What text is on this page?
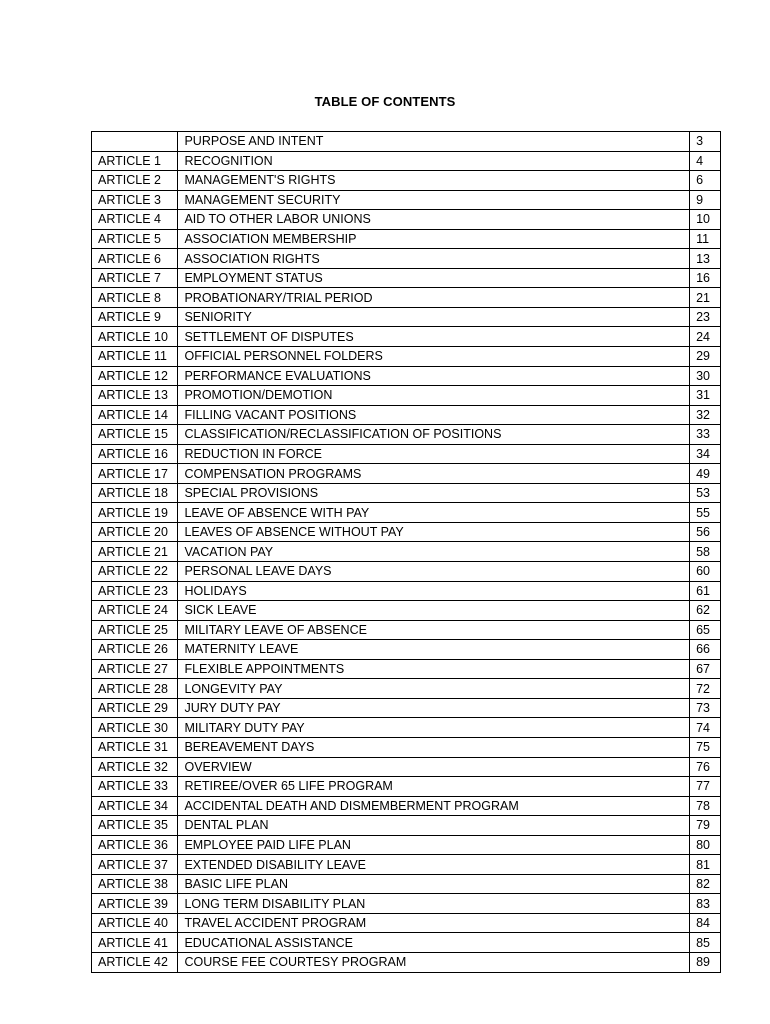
TABLE OF CONTENTS
	PURPOSE AND INTENT	3
ARTICLE 1	RECOGNITION	4
ARTICLE 2	MANAGEMENT'S RIGHTS	6
ARTICLE 3	MANAGEMENT SECURITY	9
ARTICLE 4	AID TO OTHER LABOR UNIONS	10
ARTICLE 5	ASSOCIATION MEMBERSHIP	11
ARTICLE 6	ASSOCIATION RIGHTS	13
ARTICLE 7	EMPLOYMENT STATUS	16
ARTICLE 8	PROBATIONARY/TRIAL PERIOD	21
ARTICLE 9	SENIORITY	23
ARTICLE 10	SETTLEMENT OF DISPUTES	24
ARTICLE 11	OFFICIAL PERSONNEL FOLDERS	29
ARTICLE 12	PERFORMANCE EVALUATIONS	30
ARTICLE 13	PROMOTION/DEMOTION	31
ARTICLE 14	FILLING VACANT POSITIONS	32
ARTICLE 15	CLASSIFICATION/RECLASSIFICATION OF POSITIONS	33
ARTICLE 16	REDUCTION IN FORCE	34
ARTICLE 17	COMPENSATION PROGRAMS	49
ARTICLE 18	SPECIAL PROVISIONS	53
ARTICLE 19	LEAVE OF ABSENCE WITH PAY	55
ARTICLE 20	LEAVES OF ABSENCE WITHOUT PAY	56
ARTICLE 21	VACATION PAY	58
ARTICLE 22	PERSONAL LEAVE DAYS	60
ARTICLE 23	HOLIDAYS	61
ARTICLE 24	SICK LEAVE	62
ARTICLE 25	MILITARY LEAVE OF ABSENCE	65
ARTICLE 26	MATERNITY LEAVE	66
ARTICLE 27	FLEXIBLE APPOINTMENTS	67
ARTICLE 28	LONGEVITY PAY	72
ARTICLE 29	JURY DUTY PAY	73
ARTICLE 30	MILITARY DUTY PAY	74
ARTICLE 31	BEREAVEMENT DAYS	75
ARTICLE 32	OVERVIEW	76
ARTICLE 33	RETIREE/OVER 65 LIFE PROGRAM	77
ARTICLE 34	ACCIDENTAL DEATH AND DISMEMBERMENT PROGRAM	78
ARTICLE 35	DENTAL PLAN	79
ARTICLE 36	EMPLOYEE PAID LIFE PLAN	80
ARTICLE 37	EXTENDED DISABILITY LEAVE	81
ARTICLE 38	BASIC LIFE PLAN	82
ARTICLE 39	LONG TERM DISABILITY PLAN	83
ARTICLE 40	TRAVEL ACCIDENT PROGRAM	84
ARTICLE 41	EDUCATIONAL ASSISTANCE	85
ARTICLE 42	COURSE FEE COURTESY PROGRAM	89
